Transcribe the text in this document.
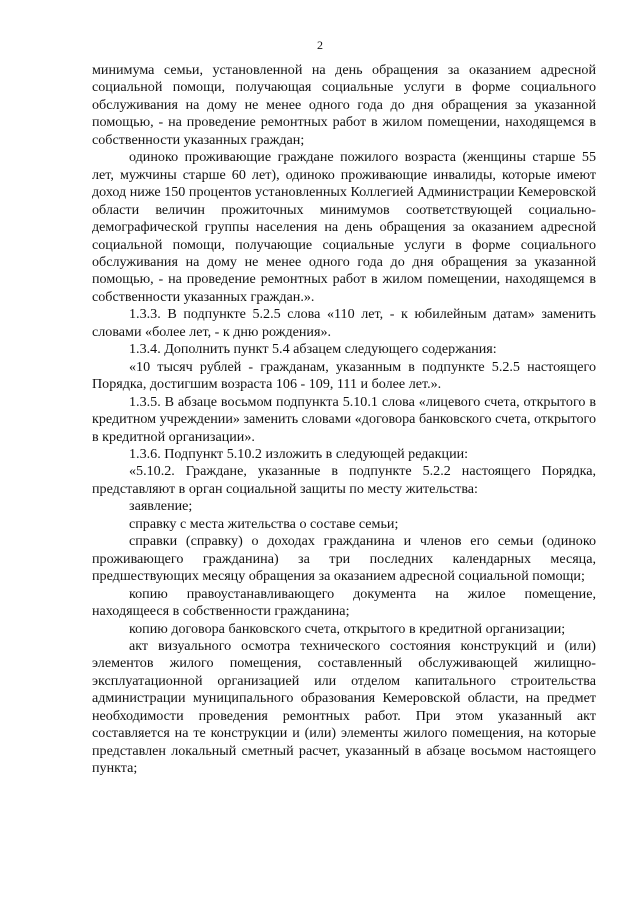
2

минимума семьи, установленной на день обращения за оказанием адресной социальной помощи, получающая социальные услуги в форме социального обслуживания на дому не менее одного года до дня обращения за указанной помощью, - на проведение ремонтных работ в жилом помещении, находящемся в собственности указанных граждан;

одиноко проживающие граждане пожилого возраста (женщины старше 55 лет, мужчины старше 60 лет), одиноко проживающие инвалиды, которые имеют доход ниже 150 процентов установленных Коллегией Администрации Кемеровской области величин прожиточных минимумов соответствующей социально-демографической группы населения на день обращения за оказанием адресной социальной помощи, получающие социальные услуги в форме социального обслуживания на дому не менее одного года до дня обращения за указанной помощью, - на проведение ремонтных работ в жилом помещении, находящемся в собственности указанных граждан.».

1.3.3. В подпункте 5.2.5 слова «110 лет, - к юбилейным датам» заменить словами «более лет, - к дню рождения».

1.3.4. Дополнить пункт 5.4 абзацем следующего содержания:

«10 тысяч рублей - гражданам, указанным в подпункте 5.2.5 настоящего Порядка, достигшим возраста 106 - 109, 111 и более лет.».

1.3.5. В абзаце восьмом подпункта 5.10.1 слова «лицевого счета, открытого в кредитном учреждении» заменить словами «договора банковского счета, открытого в кредитной организации».

1.3.6. Подпункт 5.10.2 изложить в следующей редакции:

«5.10.2. Граждане, указанные в подпункте 5.2.2 настоящего Порядка, представляют в орган социальной защиты по месту жительства:

заявление;

справку с места жительства о составе семьи;

справки (справку) о доходах гражданина и членов его семьи (одиноко проживающего гражданина) за три последних календарных месяца, предшествующих месяцу обращения за оказанием адресной социальной помощи;

копию правоустанавливающего документа на жилое помещение, находящееся в собственности гражданина;

копию договора банковского счета, открытого в кредитной организации;

акт визуального осмотра технического состояния конструкций и (или) элементов жилого помещения, составленный обслуживающей жилищно-эксплуатационной организацией или отделом капитального строительства администрации муниципального образования Кемеровской области, на предмет необходимости проведения ремонтных работ. При этом указанный акт составляется на те конструкции и (или) элементы жилого помещения, на которые представлен локальный сметный расчет, указанный в абзаце восьмом настоящего пункта;
